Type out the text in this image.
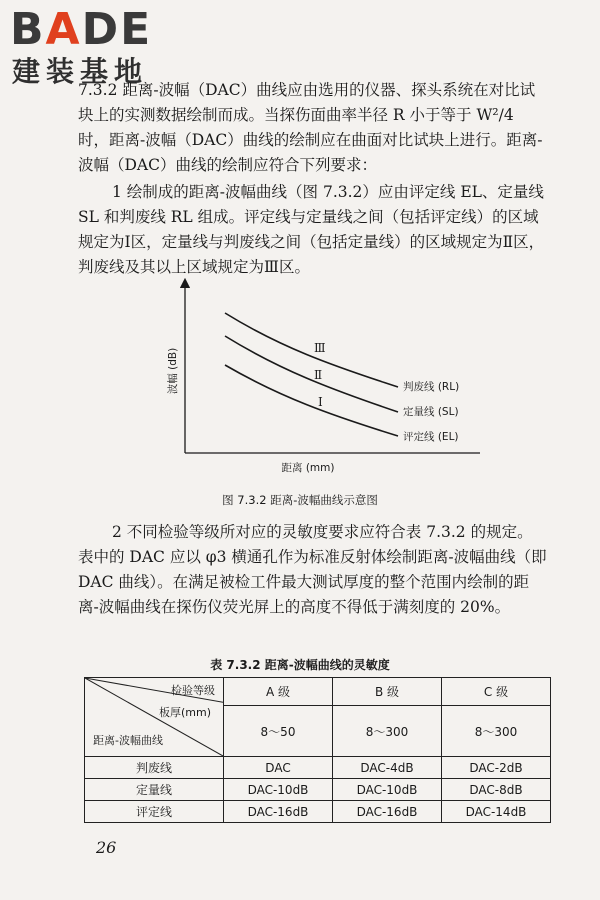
BADE
建装基地

7.3.2 距离-波幅（DAC）曲线应由选用的仪器、探头系统在对比试块上的实测数据绘制而成。当探伤面曲率半径 R 小于等于 W²/4 时，距离-波幅（DAC）曲线的绘制应在曲面对比试块上进行。距离-波幅（DAC）曲线的绘制应符合下列要求：

1 绘制成的距离-波幅曲线（图 7.3.2）应由评定线 EL、定量线 SL 和判废线 RL 组成。评定线与定量线之间（包括评定线）的区域规定为Ⅰ区，定量线与判废线之间（包括定量线）的区域规定为Ⅱ区，判废线及其以上区域规定为Ⅲ区。

波幅 (dB)
距离 (mm)
Ⅲ
Ⅱ
Ⅰ
判废线 (RL)
定量线 (SL)
评定线 (EL)
图 7.3.2 距离-波幅曲线示意图

2 不同检验等级所对应的灵敏度要求应符合表 7.3.2 的规定。表中的 DAC 应以 φ3 横通孔作为标准反射体绘制距离-波幅曲线（即 DAC 曲线）。在满足被检工件最大测试厚度的整个范围内绘制的距离-波幅曲线在探伤仪荧光屏上的高度不得低于满刻度的 20%。

表 7.3.2 距离-波幅曲线的灵敏度
检验等级
板厚(mm)
距离-波幅曲线	A 级	B 级	C 级
	8～50	8～300	8～300
判废线	DAC	DAC-4dB	DAC-2dB
定量线	DAC-10dB	DAC-10dB	DAC-8dB
评定线	DAC-16dB	DAC-16dB	DAC-14dB
26
